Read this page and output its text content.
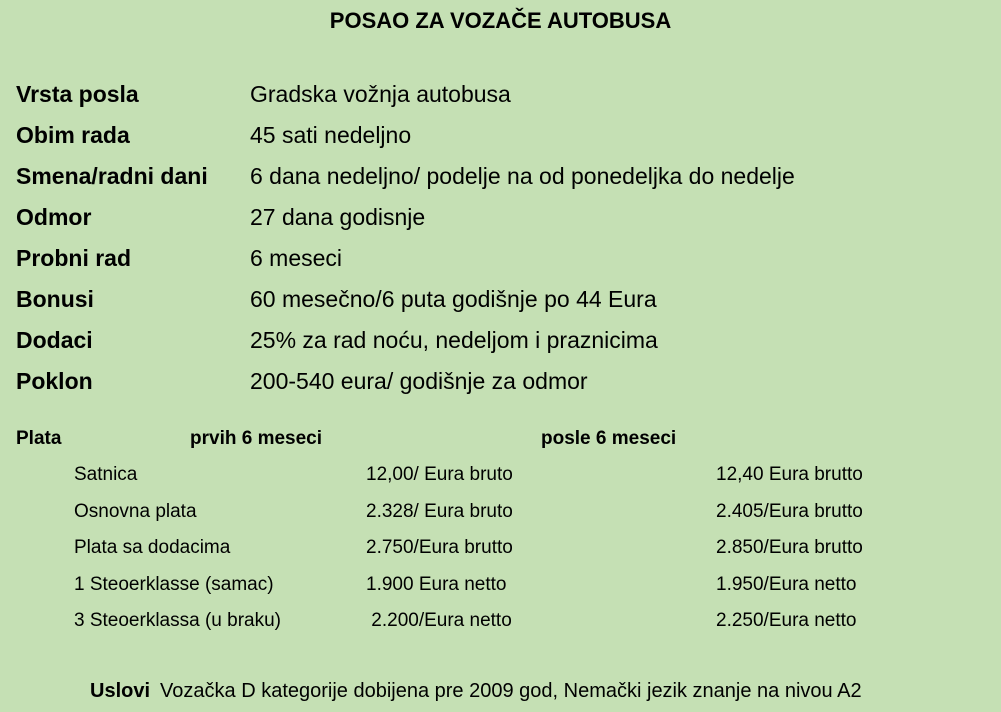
POSAO ZA VOZAČE AUTOBUSA
Vrsta posla	Gradska vožnja autobusa
Obim rada	45 sati nedeljno
Smena/radni dani	6 dana nedeljno/ podelje na od ponedeljka do nedelje
Odmor	27 dana godisnje
Probni rad	6 meseci
Bonusi	60 mesečno/6 puta godišnje po 44 Eura
Dodaci	25% za rad noću, nedeljom i praznicima
Poklon	200-540 eura/ godišnje za odmor
Plata	prvih 6 meseci	posle 6 meseci
Satnica	12,00/ Eura bruto	12,40 Eura brutto
Osnovna plata	2.328/ Eura bruto	2.405/Eura brutto
Plata sa dodacima	2.750/Eura brutto	2.850/Eura brutto
1 Steoerklasse (samac)	1.900 Eura netto	1.950/Eura netto
3 Steoerklassa (u braku)	2.200/Eura netto	2.250/Eura netto
Uslovi Vozačka D kategorije dobijena pre 2009 god, Nemački jezik znanje na nivou A2
